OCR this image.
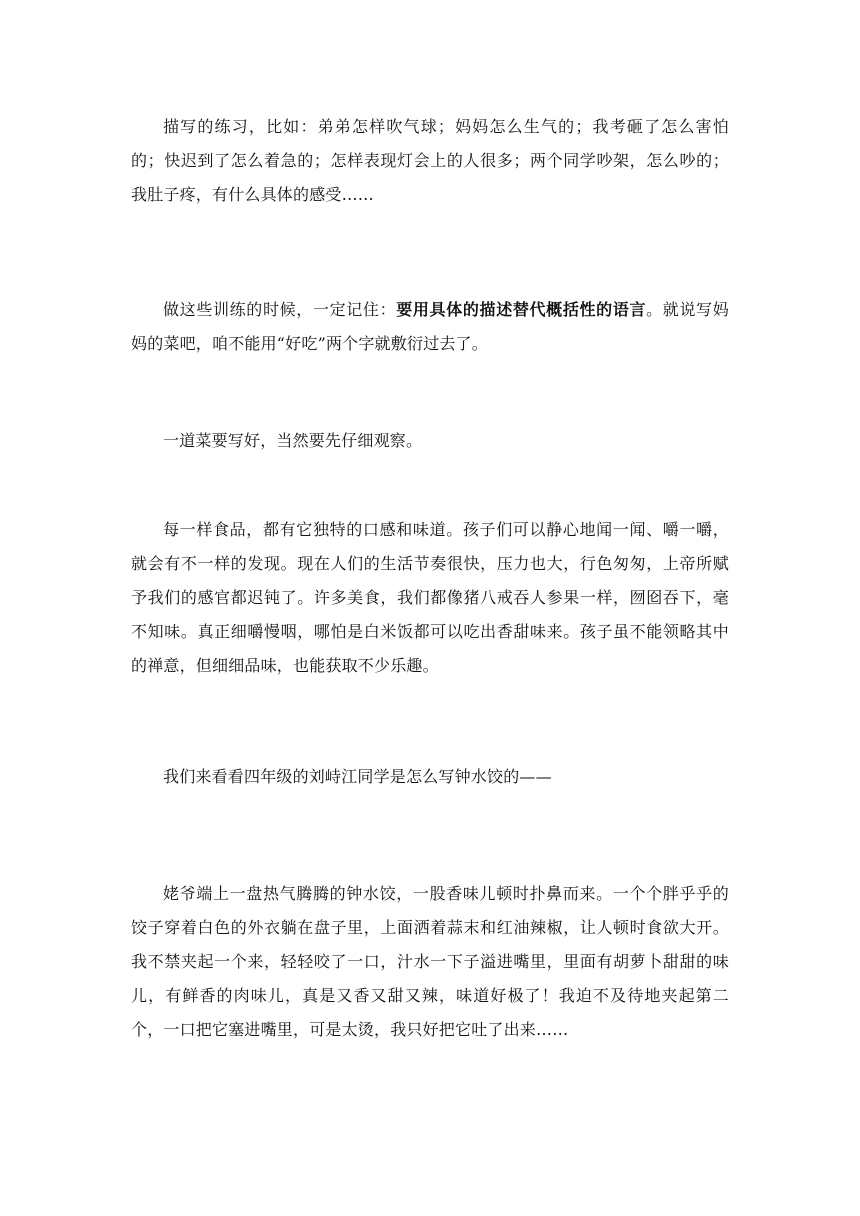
描写的练习，比如：弟弟怎样吹气球；妈妈怎么生气的；我考砸了怎么害怕的；快迟到了怎么着急的；怎样表现灯会上的人很多；两个同学吵架，怎么吵的；我肚子疼，有什么具体的感受……

做这些训练的时候，一定记住：要用具体的描述替代概括性的语言。就说写妈妈的菜吧，咱不能用“好吃”两个字就敷衍过去了。

一道菜要写好，当然要先仔细观察。

每一样食品，都有它独特的口感和味道。孩子们可以静心地闻一闻、嚼一嚼，就会有不一样的发现。现在人们的生活节奏很快，压力也大，行色匆匆，上帝所赋予我们的感官都迟钝了。许多美食，我们都像猪八戒吞人参果一样，囫囵吞下，毫不知味。真正细嚼慢咽，哪怕是白米饭都可以吃出香甜味来。孩子虽不能领略其中的禅意，但细细品味，也能获取不少乐趣。

我们来看看四年级的刘峙江同学是怎么写钟水饺的——

姥爷端上一盘热气腾腾的钟水饺，一股香味儿顿时扑鼻而来。一个个胖乎乎的饺子穿着白色的外衣躺在盘子里，上面洒着蒜末和红油辣椒，让人顿时食欲大开。我不禁夹起一个来，轻轻咬了一口，汁水一下子溢进嘴里，里面有胡萝卜甜甜的味儿，有鲜香的肉味儿，真是又香又甜又辣，味道好极了！我迫不及待地夹起第二个，一口把它塞进嘴里，可是太烫，我只好把它吐了出来……
